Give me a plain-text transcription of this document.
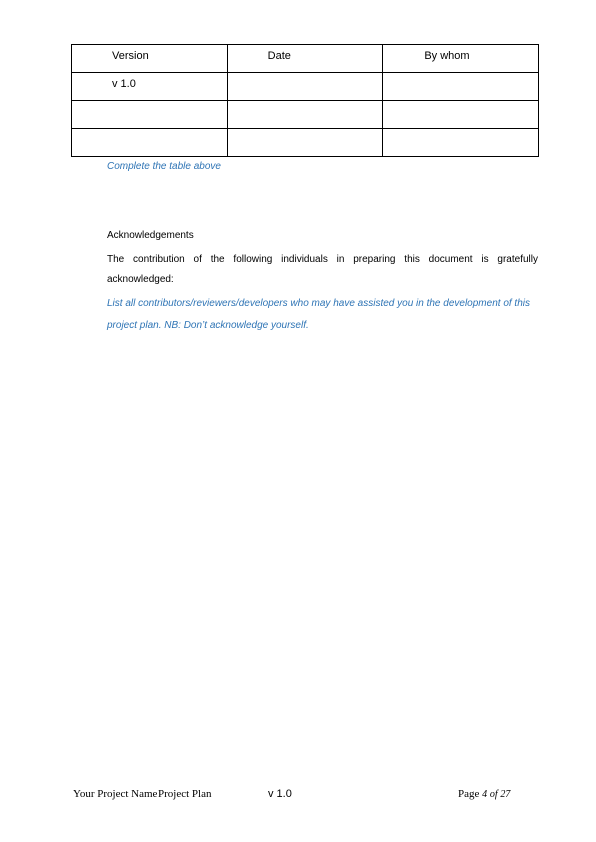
Version	Date	By whom

v 1.0		

Complete the table above
Acknowledgements
The contribution of the following individuals in preparing this document is gratefully acknowledged:
List all contributors/reviewers/developers who may have assisted you in the development of this project plan. NB: Don’t acknowledge yourself.
Your Project Name Project Plan	v 1.0	Page 4 of 27
